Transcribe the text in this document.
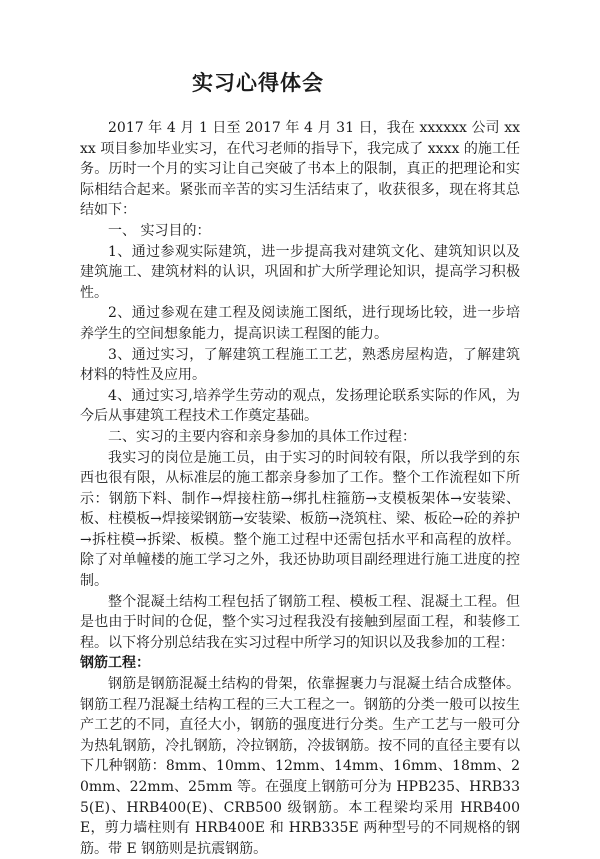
实习心得体会

2017 年 4 月 1 日至 2017 年 4 月 31 日，我在 xxxxxx 公司 xxxx 项目参加毕业实习，在代习老师的指导下，我完成了 xxxx 的施工任务。历时一个月的实习让自己突破了书本上的限制，真正的把理论和实际相结合起来。紧张而辛苦的实习生活结束了，收获很多，现在将其总结如下：

一、 实习目的：

1、通过参观实际建筑，进一步提高我对建筑文化、建筑知识以及建筑施工、建筑材料的认识，巩固和扩大所学理论知识，提高学习积极性。

2、通过参观在建工程及阅读施工图纸，进行现场比较，进一步培养学生的空间想象能力，提高识读工程图的能力。

3、通过实习，了解建筑工程施工工艺，熟悉房屋构造，了解建筑材料的特性及应用。

4、通过实习,培养学生劳动的观点，发扬理论联系实际的作风，为今后从事建筑工程技术工作奠定基础。

二、实习的主要内容和亲身参加的具体工作过程：

我实习的岗位是施工员，由于实习的时间较有限，所以我学到的东西也很有限，从标准层的施工都亲身参加了工作。整个工作流程如下所示：钢筋下料、制作→焊接柱筋→绑扎柱箍筋→支模板架体→安装梁、板、柱模板→焊接梁钢筋→安装梁、板筋→浇筑柱、梁、板砼→砼的养护→拆柱模→拆梁、板模。整个施工过程中还需包括水平和高程的放样。除了对单幢楼的施工学习之外，我还协助项目副经理进行施工进度的控制。

整个混凝土结构工程包括了钢筋工程、模板工程、混凝土工程。但是也由于时间的仓促，整个实习过程我没有接触到屋面工程，和装修工程。以下将分别总结我在实习过程中所学习的知识以及我参加的工程：

钢筋工程：

钢筋是钢筋混凝土结构的骨架，依靠握裹力与混凝土结合成整体。钢筋工程乃混凝土结构工程的三大工程之一。钢筋的分类一般可以按生产工艺的不同，直径大小，钢筋的强度进行分类。生产工艺与一般可分为热轧钢筋，冷扎钢筋，冷拉钢筋，冷拔钢筋。按不同的直径主要有以下几种钢筋：8mm、10mm、12mm、14mm、16mm、18mm、20mm、22mm、25mm 等。在强度上钢筋可分为 HPB235、HRB335(E)、HRB400(E)、CRB500 级钢筋。本工程梁均采用 HRB400E，剪力墙柱则有 HRB400E 和 HRB335E 两种型号的不同规格的钢筋。带 E 钢筋则是抗震钢筋。
